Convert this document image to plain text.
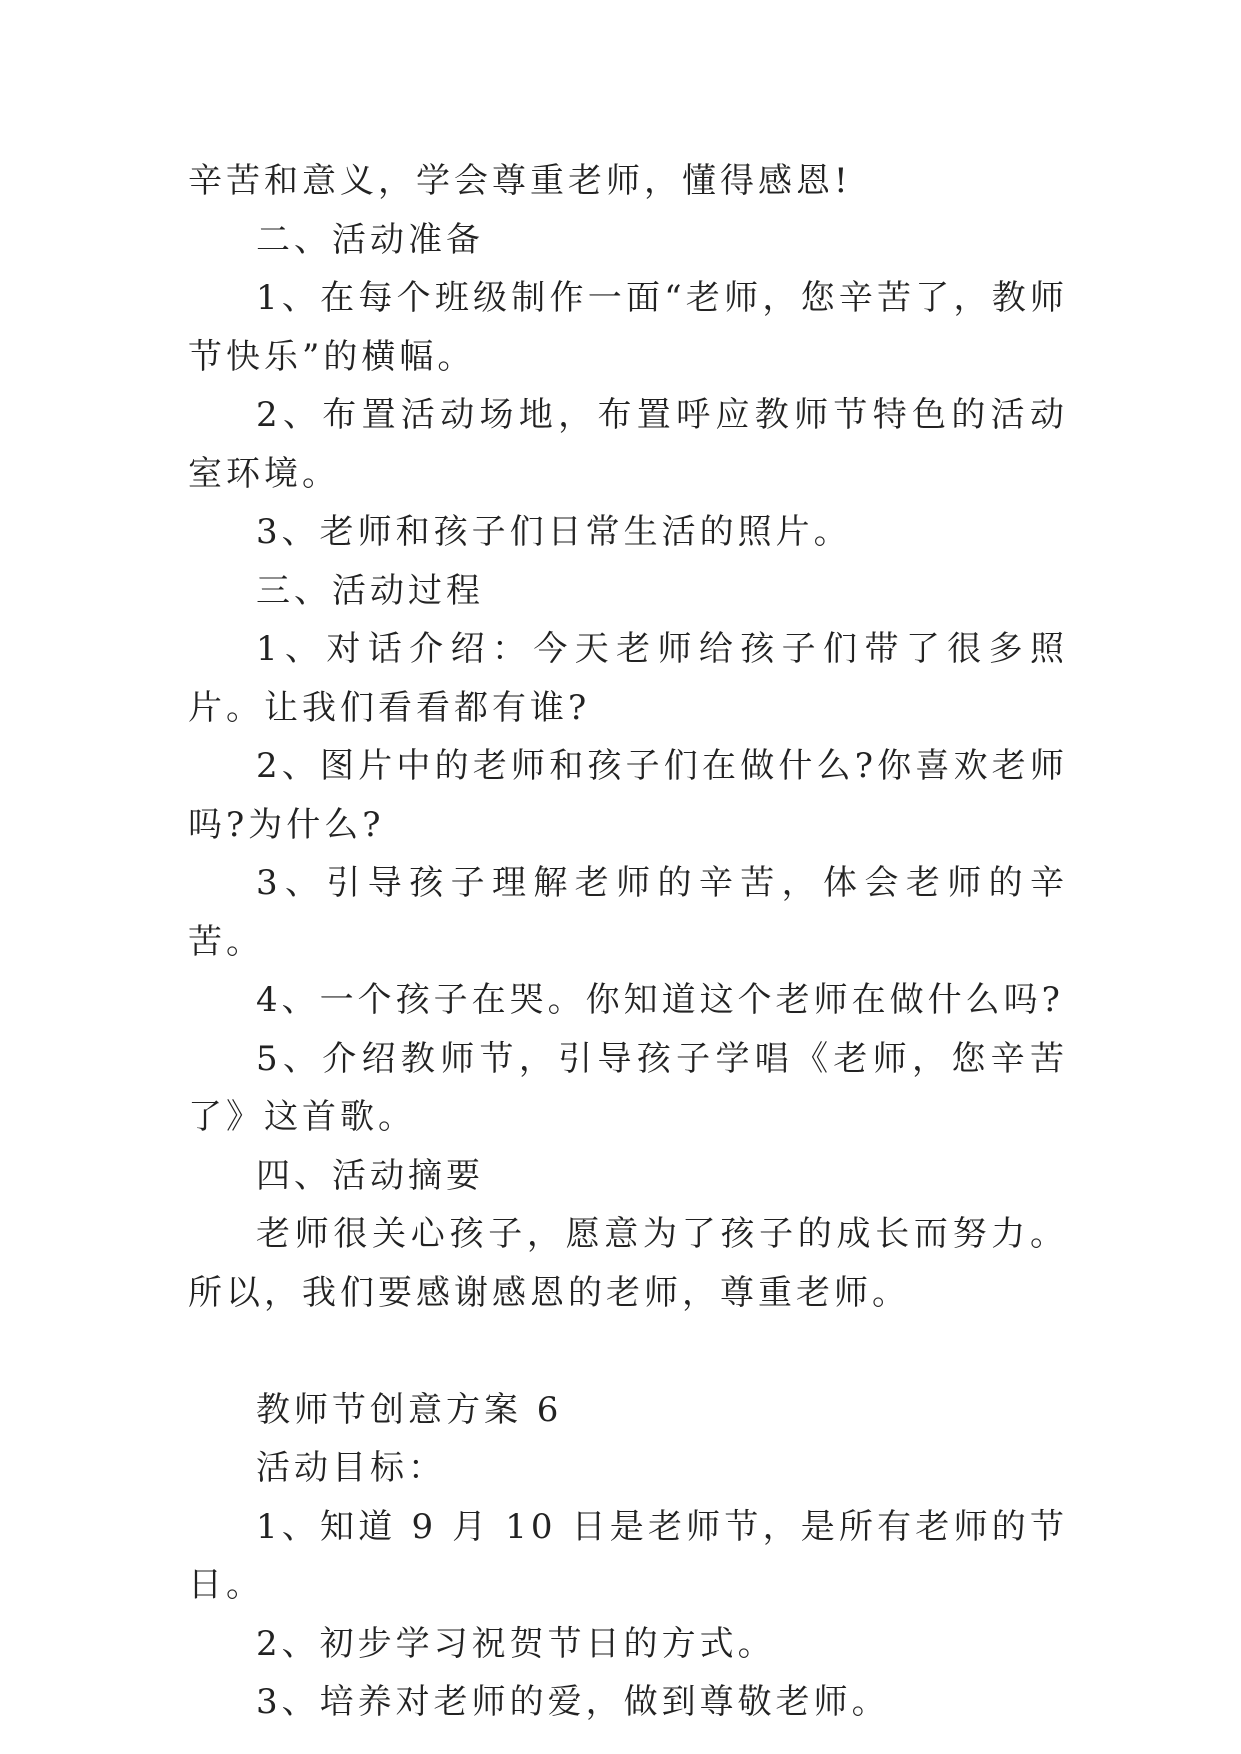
辛苦和意义，学会尊重老师，懂得感恩!

二、活动准备

1、在每个班级制作一面“老师，您辛苦了，教师节快乐”的横幅。

2、布置活动场地，布置呼应教师节特色的活动室环境。

3、老师和孩子们日常生活的照片。

三、活动过程

1、对话介绍：今天老师给孩子们带了很多照片。让我们看看都有谁?

2、图片中的老师和孩子们在做什么?你喜欢老师吗?为什么?

3、引导孩子理解老师的辛苦，体会老师的辛苦。

4、一个孩子在哭。你知道这个老师在做什么吗?

5、介绍教师节，引导孩子学唱《老师，您辛苦了》这首歌。

四、活动摘要

老师很关心孩子，愿意为了孩子的成长而努力。所以，我们要感谢感恩的老师，尊重老师。

教师节创意方案 6

活动目标：

1、知道 9 月 10 日是老师节，是所有老师的节日。

2、初步学习祝贺节日的方式。

3、培养对老师的爱，做到尊敬老师。
